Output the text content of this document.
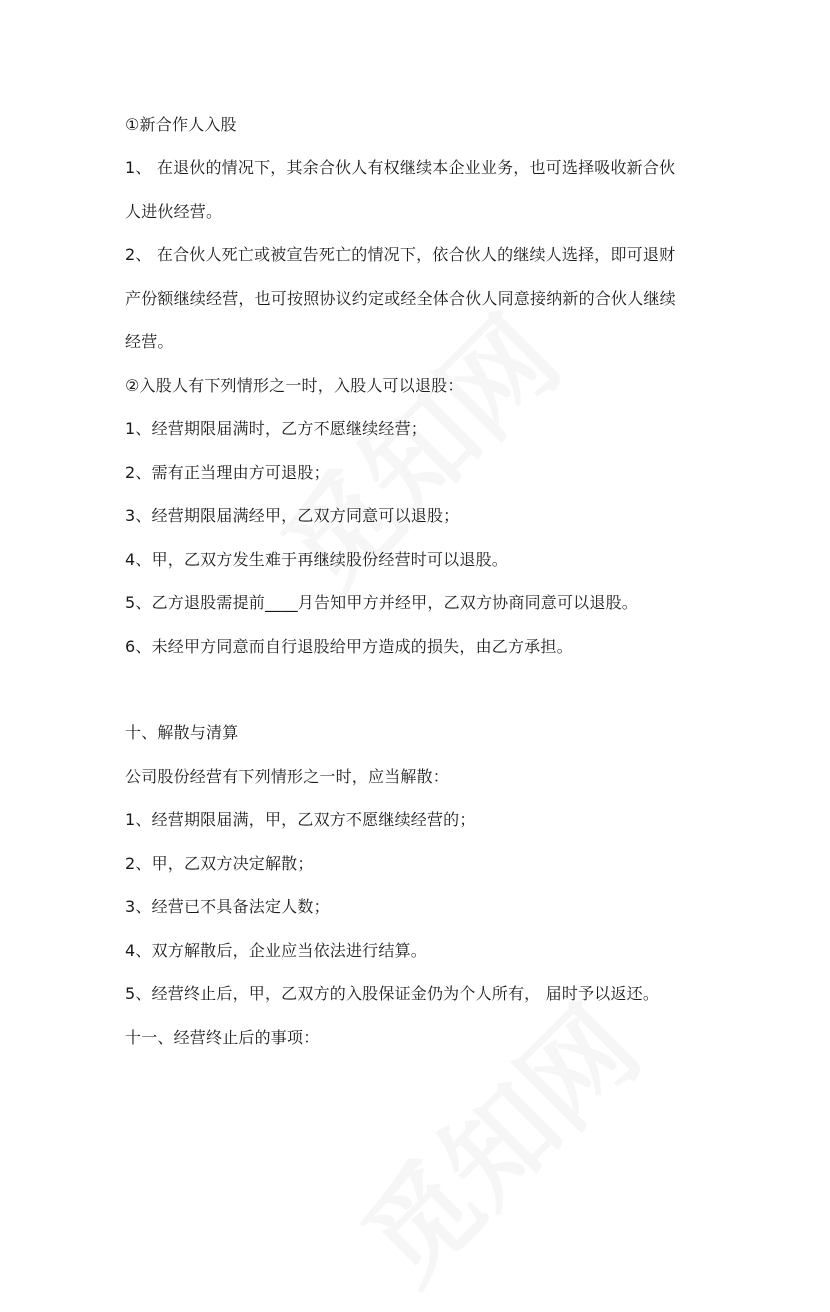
①新合作人入股
1、 在退伙的情况下，其余合伙人有权继续本企业业务，也可选择吸收新合伙
人进伙经营。
2、 在合伙人死亡或被宣告死亡的情况下，依合伙人的继续人选择，即可退财
产份额继续经营，也可按照协议约定或经全体合伙人同意接纳新的合伙人继续
经营。
②入股人有下列情形之一时，入股人可以退股：
1、经营期限届满时，乙方不愿继续经营；
2、需有正当理由方可退股；
3、经营期限届满经甲，乙双方同意可以退股；
4、甲，乙双方发生难于再继续股份经营时可以退股。
5、乙方退股需提前____月告知甲方并经甲，乙双方协商同意可以退股。
6、未经甲方同意而自行退股给甲方造成的损失，由乙方承担。
十、解散与清算
公司股份经营有下列情形之一时，应当解散：
1、经营期限届满，甲，乙双方不愿继续经营的；
2、甲，乙双方决定解散；
3、经营已不具备法定人数；
4、双方解散后，企业应当依法进行结算。
5、经营终止后，甲，乙双方的入股保证金仍为个人所有， 届时予以返还。
十一、经营终止后的事项：
